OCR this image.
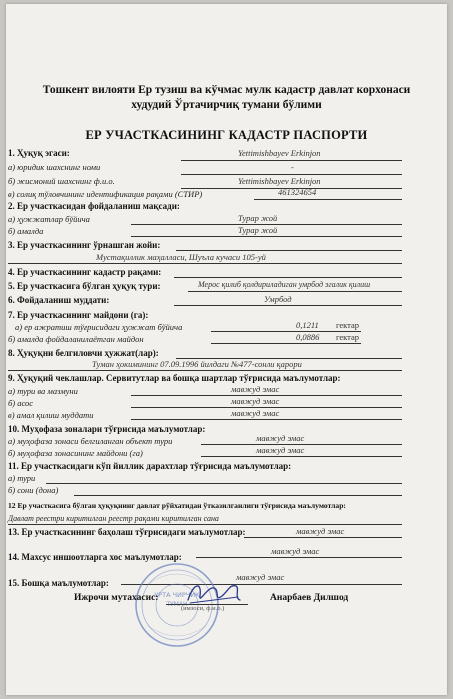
Тошкент вилояти Ер тузиш ва кўчмас мулк кадастр давлат корхонаси
худудий Ўртачирчиқ тумани бўлими
ЕР УЧАСТКАСИНИНГ КАДАСТР ПАСПОРТИ
1. Ҳуқуқ эгаси:	Yettimishbayev Erkinjon
а) юридик шахснинг номи	-
б) жисмоний шахснинг ф.и.о.	Yettimishbayev Erkinjon
в) солиқ тўловчининг идентификация рақами (СТИР)	461324654
2. Ер участкасидан фойдаланиш мақсади:
а) ҳужжатлар бўйича	Турар жой
б) амалда	Турар жой
3. Ер участкасининг ўрнашган жойи:
Мустақиллик маҳалласи, Шуъла кучаси 105-уй
4. Ер участкасининг кадастр рақами:
5. Ер участкасига бўлган ҳуқуқ тури:	Мерос қилиб қолдириладиган умрбод эгалик қилиш
6. Фойдаланиш муддати:	Умрбод
7. Ер участкасининг майдони (га):
а) ер ажратиш тўғрисидаги ҳужжат бўйича	0,1211 гектар
б) амалда фойдаланилаётган майдон	0,0886 гектар
8. Ҳуқуқни белгиловчи ҳужжат(лар):
Туман ҳокимининг 07.09.1996 йилдаги №477-сонли қарори
9. Ҳуқуқий чеклашлар. Сервитутлар ва бошқа шартлар тўғрисида маълумотлар:
а) тури ва мазмуни	мавжуд эмас
б) асос	мавжуд эмас
в) амал қилиш муддати	мавжуд эмас
10. Муҳофаза зоналари тўғрисида маълумотлар:
а) муҳофаза зонаси белгиланган объект тури	мавжуд эмас
б) муҳофаза зонасининг майдони (га)	мавжуд эмас
11. Ер участкасидаги кўп йиллик дарахтлар тўғрисида маълумотлар:
а) тури
б) сони (дона)
12 Ер участкасига бўлган ҳуқуқнинг давлат рўйхатидан ўтказилганлиги тўғрисида маълумотлар:
Давлат реестри киритилган реестр рақами киритилган сана
13. Ер участкасининг баҳолаш тўғрисидаги маълумотлар:	мавжуд эмас
14. Махсус иншоотларга хос маълумотлар:
мавжуд эмас
15. Бошқа маълумотлар:
мавжуд эмас
УРТА ЧИРЧИҚ
ТУМАН
Ижрочи мутахасис:	Анарбаев Дилшод
(имзоси, ф.и.о.)
